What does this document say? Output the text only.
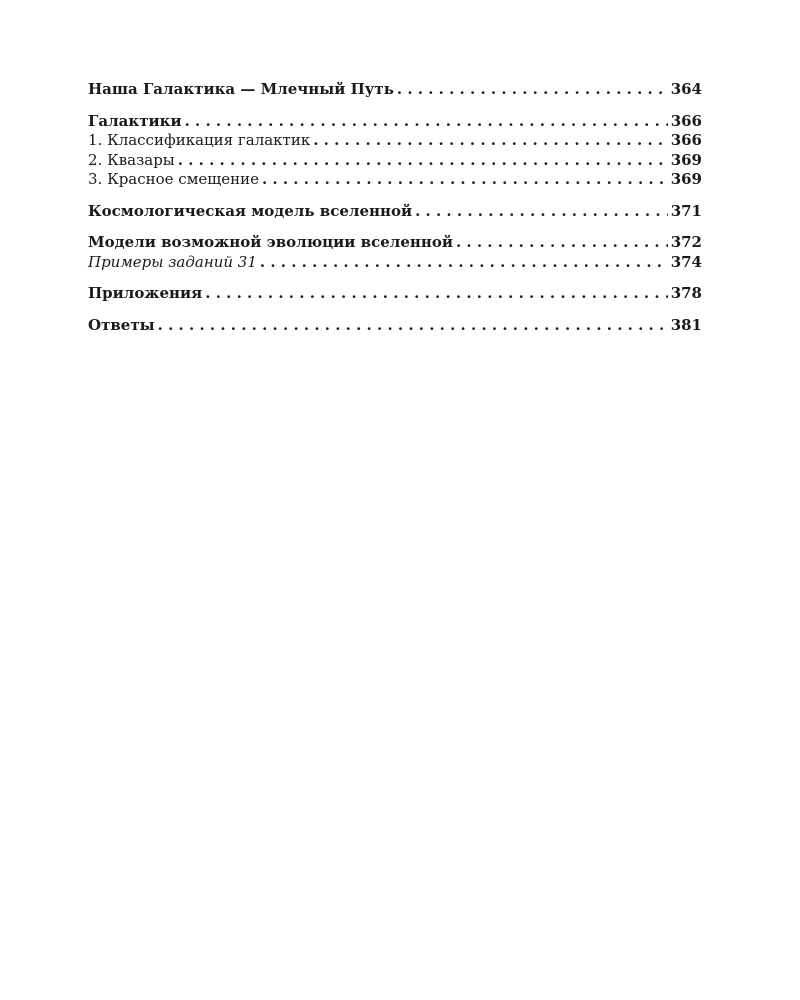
Наша Галактика — Млечный Путь . . .	364
Галактики . . .	366
1. Классификация галактик . . .	366
2. Квазары . . .	369
3. Красное смещение . . .	369
Космологическая модель вселенной . . .	371
Модели возможной эволюции вселенной . . .	372
Примеры заданий 31 . . .	374
Приложения . . .	378
Ответы . . .	381
